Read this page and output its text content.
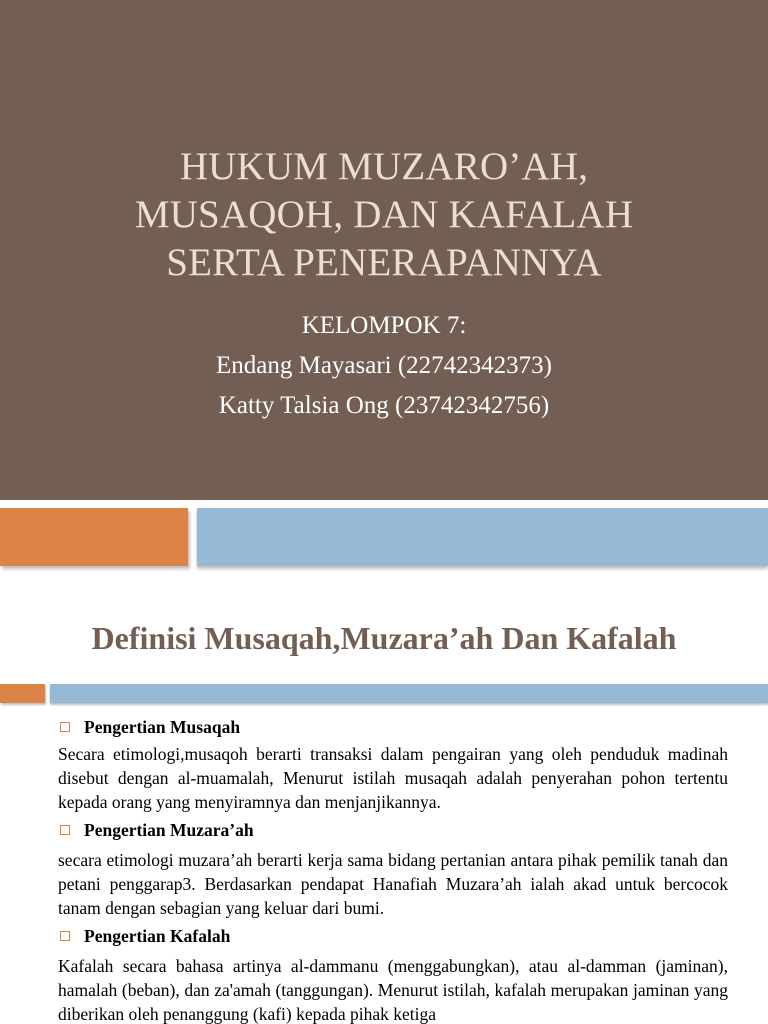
HUKUM MUZARO’AH,
MUSAQOH, DAN KAFALAH
SERTA PENERAPANNYA
KELOMPOK 7:
Endang Mayasari (22742342373)
Katty Talsia Ong (23742342756)
Definisi Musaqah,Muzara’ah Dan Kafalah
Pengertian Musaqah
Secara etimologi,musaqoh berarti transaksi dalam pengairan yang oleh penduduk madinah disebut dengan al-muamalah, Menurut istilah musaqah adalah penyerahan pohon tertentu kepada orang yang menyiramnya dan menjanjikannya.
Pengertian Muzara’ah
secara etimologi muzara’ah berarti kerja sama bidang pertanian antara pihak pemilik tanah dan petani penggarap3. Berdasarkan pendapat Hanafiah Muzara’ah ialah akad untuk bercocok tanam dengan sebagian yang keluar dari bumi.
Pengertian Kafalah
Kafalah secara bahasa artinya al-dammanu (menggabungkan), atau al-damman (jaminan), hamalah (beban), dan za'amah (tanggungan). Menurut istilah, kafalah merupakan jaminan yang diberikan oleh penanggung (kafi) kepada pihak ketiga
